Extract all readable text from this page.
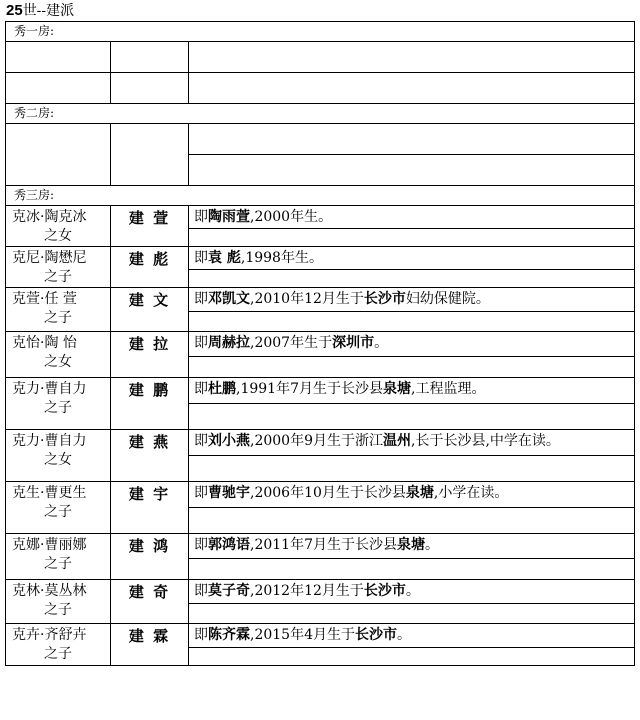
25世--建派
秀一房:		

秀二房:		

秀三房:		

克冰·陶克冰
之女	建 萱	即陶雨萱,2000年生。

克尼·陶懋尼
之子	建 彪	即袁 彪,1998年生。

克萱·任 萱
之子	建 文	即邓凯文,2010年12月生于长沙市妇幼保健院。

克怡·陶 怡
之女	建 拉	即周赫拉,2007年生于深圳市。

克力·曹自力
之子	建 鹏	即杜鹏,1991年7月生于长沙县泉塘,工程监理。

克力·曹自力
之女	建 燕	即刘小燕,2000年9月生于浙江温州,长于长沙县,中学在读。

克生·曹更生
之子	建 宇	即曹驰宇,2006年10月生于长沙县泉塘,小学在读。

克娜·曹丽娜
之子	建 鸿	即郭鸿语,2011年7月生于长沙县泉塘。

克林·莫丛林
之子	建 奇	即莫子奇,2012年12月生于长沙市。

克卉·齐舒卉
之子	建 霖	即陈齐霖,2015年4月生于长沙市。
